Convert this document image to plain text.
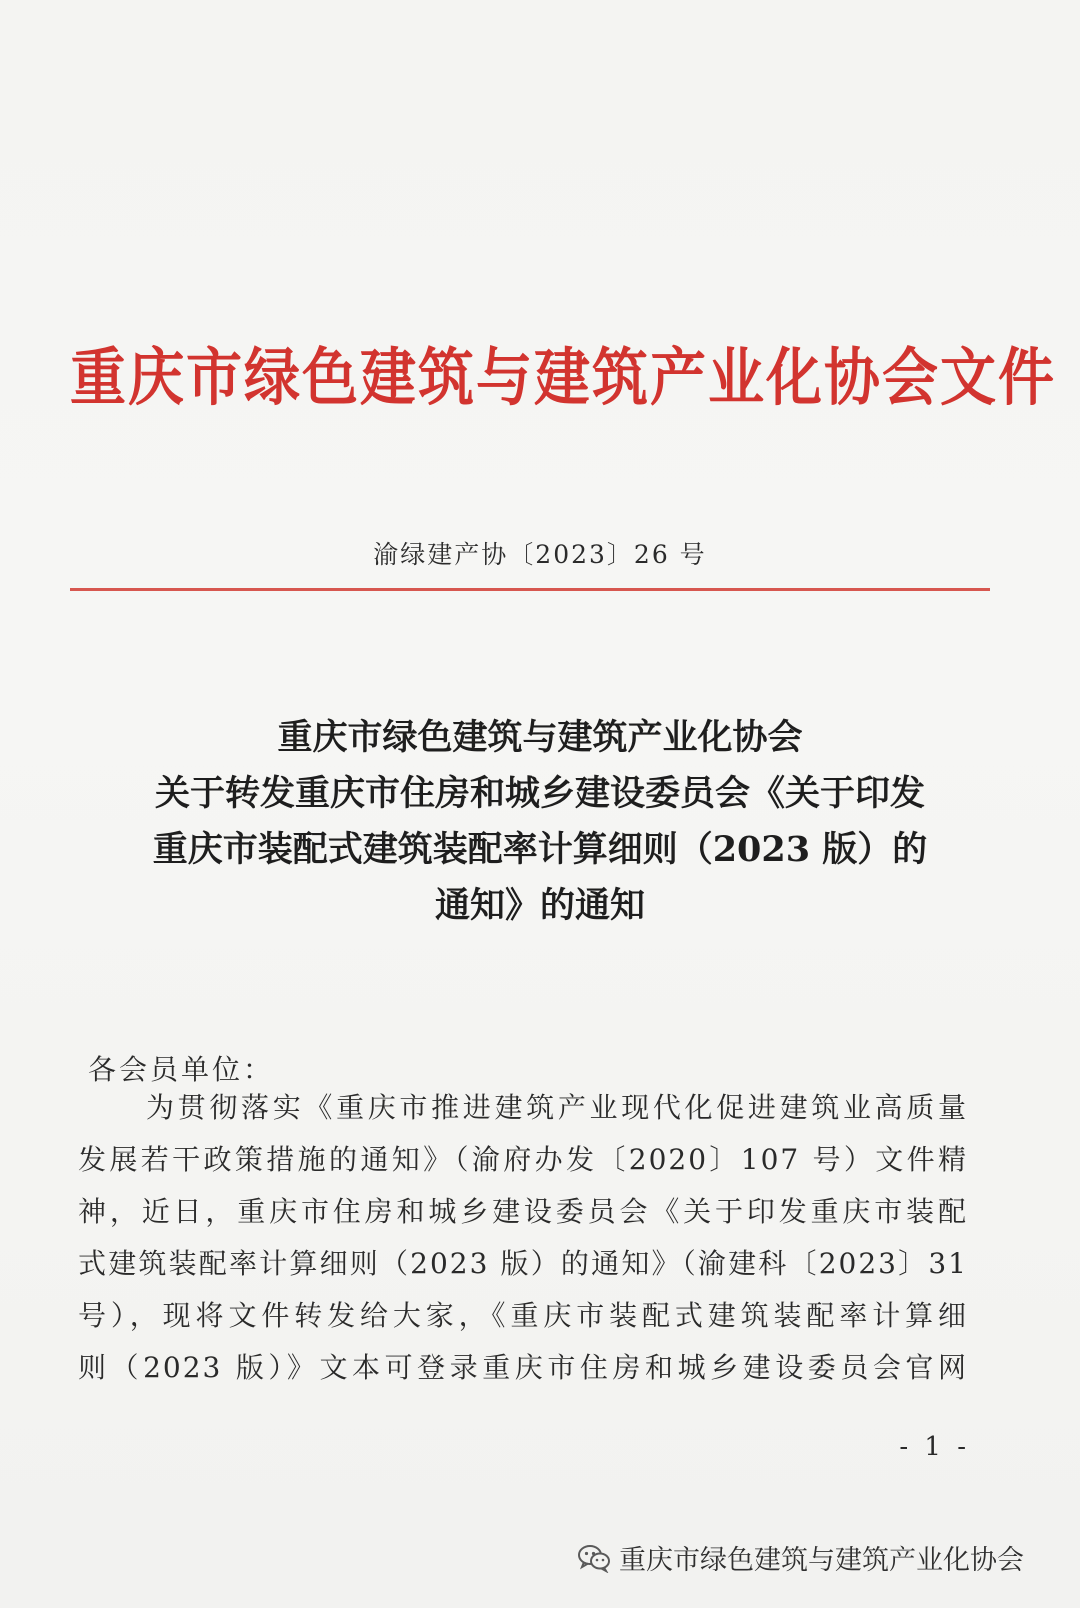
重庆市绿色建筑与建筑产业化协会文件
渝绿建产协〔2023〕26 号
重庆市绿色建筑与建筑产业化协会
关于转发重庆市住房和城乡建设委员会《关于印发
重庆市装配式建筑装配率计算细则（2023 版）的
通知》的通知
各会员单位：
为贯彻落实《重庆市推进建筑产业现代化促进建筑业高质量
发展若干政策措施的通知》（渝府办发〔2020〕107 号）文件精
神，近日，重庆市住房和城乡建设委员会《关于印发重庆市装配
式建筑装配率计算细则（2023 版）的通知》（渝建科〔2023〕31
号），现将文件转发给大家，《重庆市装配式建筑装配率计算细
则（2023 版）》文本可登录重庆市住房和城乡建设委员会官网
- 1 -
重庆市绿色建筑与建筑产业化协会
